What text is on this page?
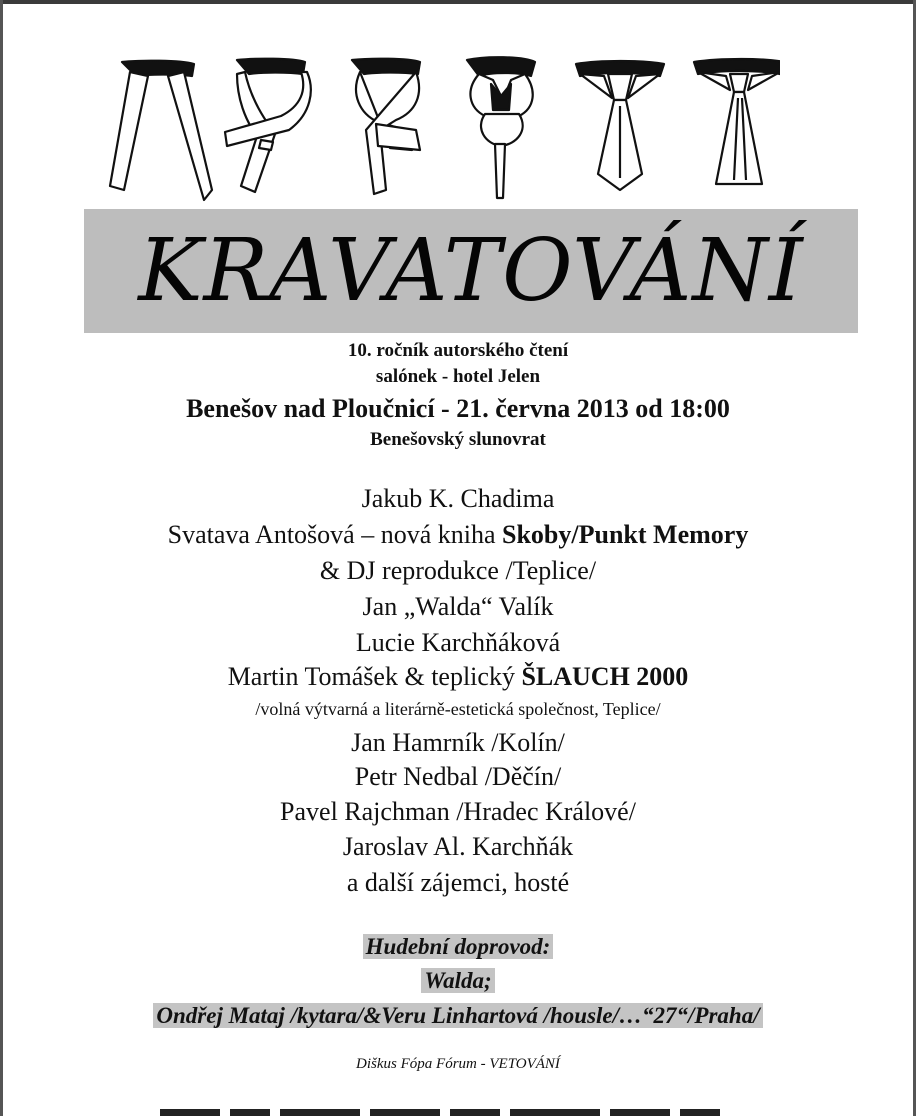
KRAVATOVÁNÍ
10. ročník autorského čtení
salónek - hotel Jelen
Benešov nad Ploučnicí - 21. června 2013 od 18:00
Benešovský slunovrat
Jakub K. Chadima
Svatava Antošová – nová kniha Skoby/Punkt Memory
& DJ reprodukce /Teplice/
Jan „Walda“ Valík
Lucie Karchňáková
Martin Tomášek & teplický ŠLAUCH 2000
/volná výtvarná a literárně-estetická společnost, Teplice/
Jan Hamrník /Kolín/
Petr Nedbal /Děčín/
Pavel Rajchman /Hradec Králové/
Jaroslav Al. Karchňák
a další zájemci, hosté
Hudební doprovod:
Walda;
Ondřej Mataj /kytara/&Veru Linhartová /housle/…“27“/Praha/
Diškus Fópa Fórum - VETOVÁNÍ
